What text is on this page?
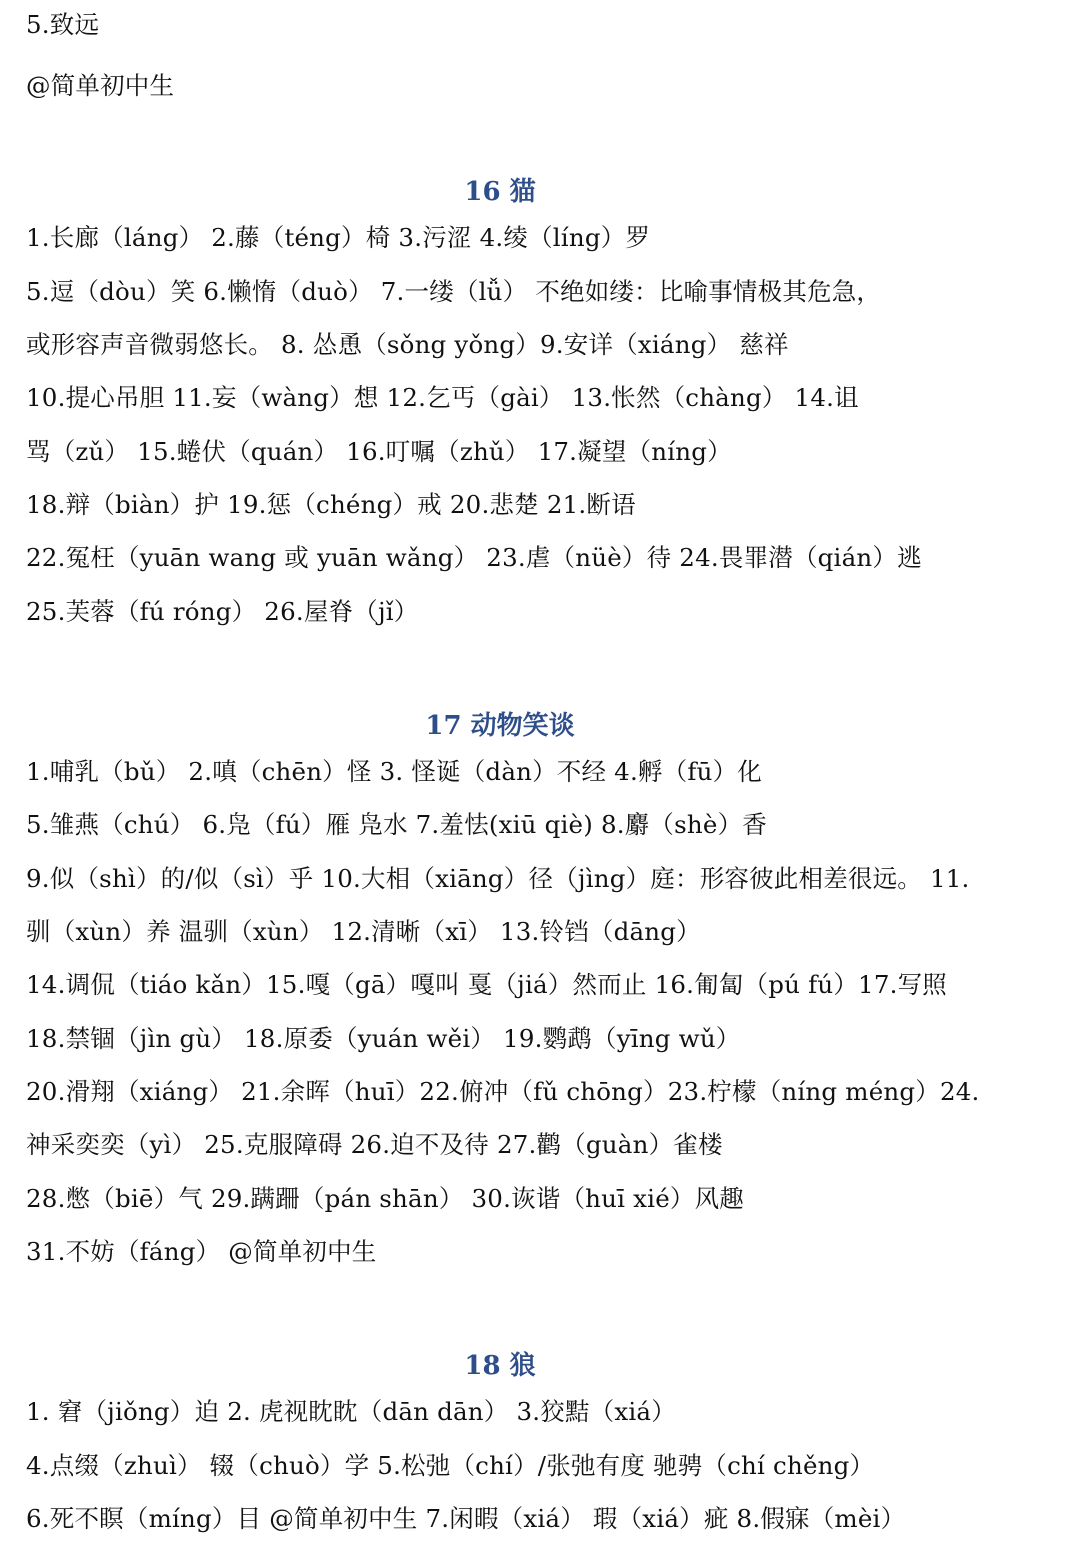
5.致远
@简单初中生
16 猫
1.长廊（láng） 2.藤（téng）椅 3.污涩 4.绫（líng）罗
5.逗（dòu）笑 6.懒惰（duò） 7.一缕（lǚ） 不绝如缕：比喻事情极其危急，
或形容声音微弱悠长。 8. 怂恿（sǒng yǒng）9.安详（xiáng） 慈祥
10.提心吊胆 11.妄（wàng）想 12.乞丐（gài） 13.怅然（chàng） 14.诅
骂（zǔ） 15.蜷伏（quán） 16.叮嘱（zhǔ） 17.凝望（níng）
18.辩（biàn）护 19.惩（chéng）戒 20.悲楚 21.断语
22.冤枉（yuān wang 或 yuān wǎng） 23.虐（nüè）待 24.畏罪潜（qián）逃
25.芙蓉（fú róng） 26.屋脊（jǐ）
17 动物笑谈
1.哺乳（bǔ） 2.嗔（chēn）怪 3. 怪诞（dàn）不经 4.孵（fū）化
5.雏燕（chú） 6.凫（fú）雁 凫水 7.羞怯(xiū qiè) 8.麝（shè）香
9.似（shì）的/似（sì）乎 10.大相（xiāng）径（jìng）庭：形容彼此相差很远。 11.
驯（xùn）养 温驯（xùn） 12.清晰（xī） 13.铃铛（dāng）
14.调侃（tiáo kǎn）15.嘎（gā）嘎叫 戛（jiá）然而止 16.匍匐（pú fú）17.写照
18.禁锢（jìn gù） 18.原委（yuán wěi） 19.鹦鹉（yīng wǔ）
20.滑翔（xiáng） 21.余晖（huī）22.俯冲（fǔ chōng）23.柠檬（níng méng）24.
神采奕奕（yì） 25.克服障碍 26.迫不及待 27.鹳（guàn）雀楼
28.憋（biē）气 29.蹒跚（pán shān） 30.诙谐（huī xié）风趣
31.不妨（fáng） @简单初中生
18 狼
1. 窘（jiǒng）迫 2. 虎视眈眈（dān dān） 3.狡黠（xiá）
4.点缀（zhuì） 辍（chuò）学 5.松弛（chí）/张弛有度 驰骋（chí chěng）
6.死不瞑（míng）目 @简单初中生 7.闲暇（xiá） 瑕（xiá）疵 8.假寐（mèi）
